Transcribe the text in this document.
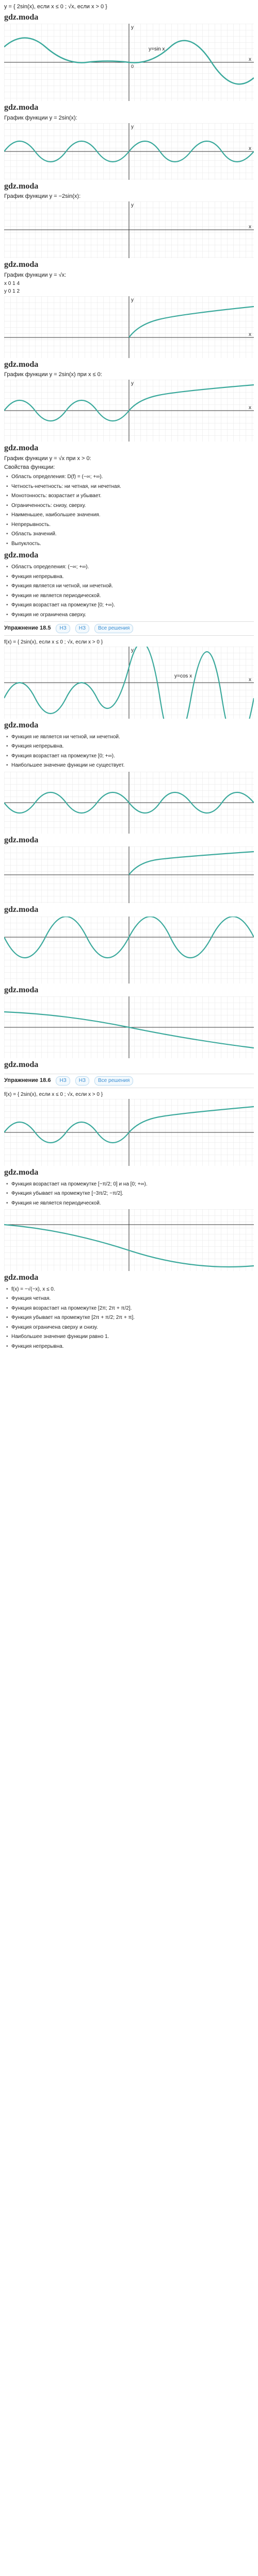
y = { 2sin(x), если x ≤ 0 ; √x, если x > 0 }
gdz.moda
y=sin x
0
x
y
gdz.moda
График функции y = 2sin(x):
x
y
gdz.moda
График функции y = −2sin(x):
x
y
gdz.moda
График функции y = √x:
x 0 1 4
y 0 1 2
x
y
gdz.moda
График функции y = 2sin(x) при x ≤ 0:
x
y
gdz.moda
График функции y = √x при x > 0:
Свойства функции:
• Область определения: D(f) = (−∞; +∞).
• Четность-нечетность: ни четная, ни нечетная.
• Монотонность: возрастает и убывает.
• Ограниченность: снизу, сверху.
• Наименьшее, наибольшее значения.
• Непрерывность.
• Область значений.
• Выпуклость.
gdz.moda
• Областъ определения: (−∞; +∞).
• Функция непрерывна.
• Функция является ни четной, ни нечетной.
• Функция не является периодической.
• Функция возрастает на промежутке [0; +∞).
• Функция не ограничена сверху.
Упражнение 18.5	НЗ	НЗ	Все решения
f(x) = { 2sin(x), если x ≤ 0 ; √x, если x > 0 }
y=cos x
x
y
gdz.moda
• Функция не является ни четной, ни нечетной.
• Функция непрерывна.
• Функция возрастает на промежутке [0; +∞).
• Наибольшее значение функции не существует.
gdz.moda
gdz.moda
gdz.moda
gdz.moda
Упражнение 18.6	НЗ	НЗ	Все решения
f(x) = { 2sin(x), если x ≤ 0 ; √x, если x > 0 }
gdz.moda
• Функция возрастает на промежутке [−π/2; 0] и на [0; +∞).
• Функция убывает на промежутке [−3π/2; −π/2].
• Функция не является периодической.
gdz.moda
• f(x) = −√(−x), x ≤ 0.
• Функция четная.
• Функция возрастает на промежутке [2π; 2π + π/2].
• Функция убывает на промежутке [2π + π/2; 2π + π].
• Функция ограничена сверху и снизу.
• Наибольшее значение функции равно 1.
• Функция непрерывна.
